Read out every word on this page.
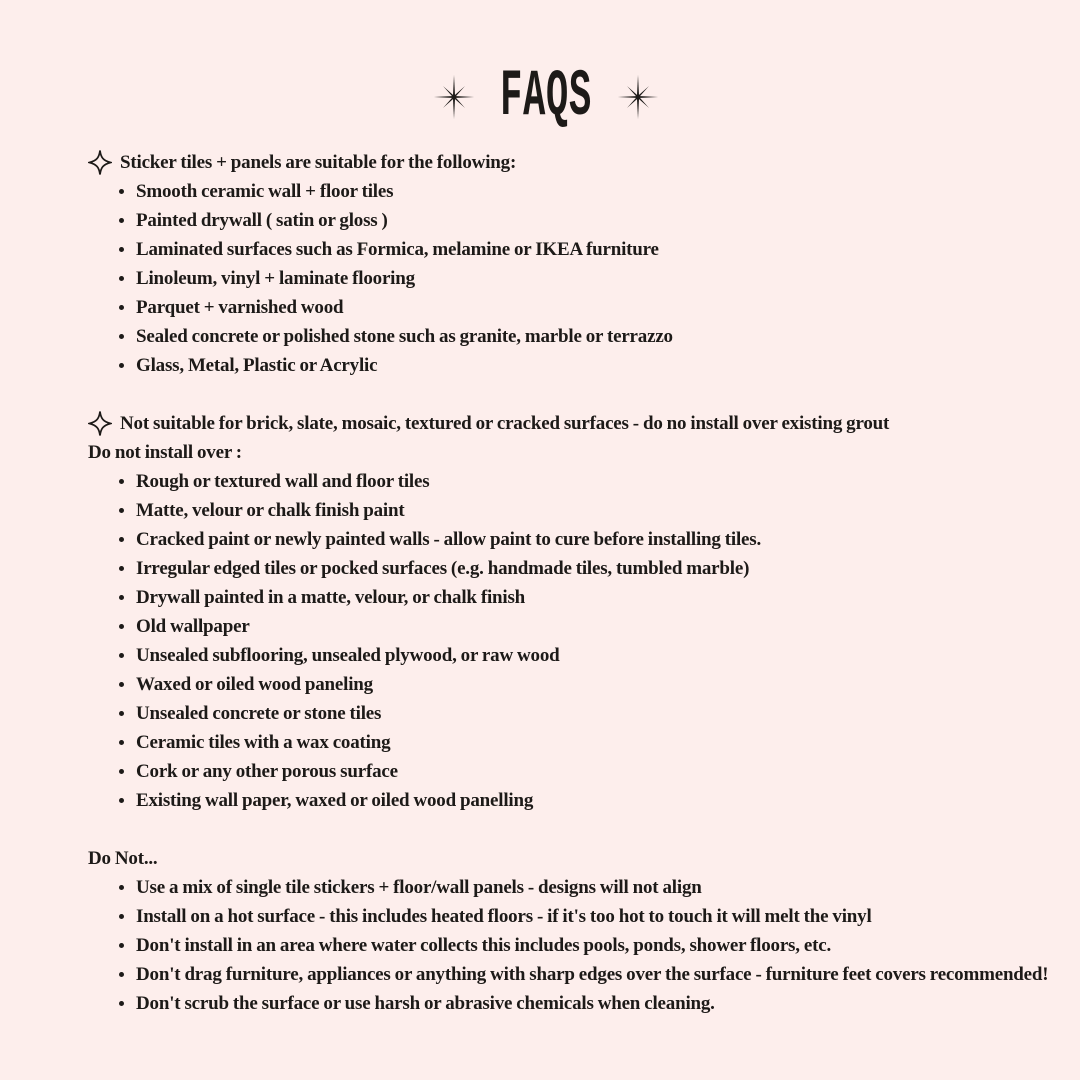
FAQS
Sticker tiles + panels are suitable for the following:
Smooth ceramic wall + floor tiles
Painted drywall ( satin or gloss )
Laminated surfaces such as Formica, melamine or IKEA furniture
Linoleum, vinyl + laminate flooring
Parquet + varnished wood
Sealed concrete or polished stone such as granite, marble or terrazzo
Glass, Metal, Plastic or Acrylic
Not suitable for brick, slate, mosaic, textured or cracked surfaces - do no install over existing grout
Do not install over :
Rough or textured wall and floor tiles
Matte, velour or chalk finish paint
Cracked paint or newly painted walls - allow paint to cure before installing tiles.
Irregular edged tiles or pocked surfaces (e.g. handmade tiles, tumbled marble)
Drywall painted in a matte, velour, or chalk finish
Old wallpaper
Unsealed subflooring, unsealed plywood, or raw wood
Waxed or oiled wood paneling
Unsealed concrete or stone tiles
Ceramic tiles with a wax coating
Cork or any other porous surface
Existing wall paper, waxed or oiled wood panelling
Do Not...
Use a mix of single tile stickers + floor/wall panels - designs will not align
Install on a hot surface - this includes heated floors - if it's too hot to touch it will melt the vinyl
Don't install in an area where water collects this includes pools, ponds, shower floors, etc.
Don't drag furniture, appliances or anything with sharp edges over the surface - furniture feet covers recommended!
Don't scrub the surface or use harsh or abrasive chemicals when cleaning.
